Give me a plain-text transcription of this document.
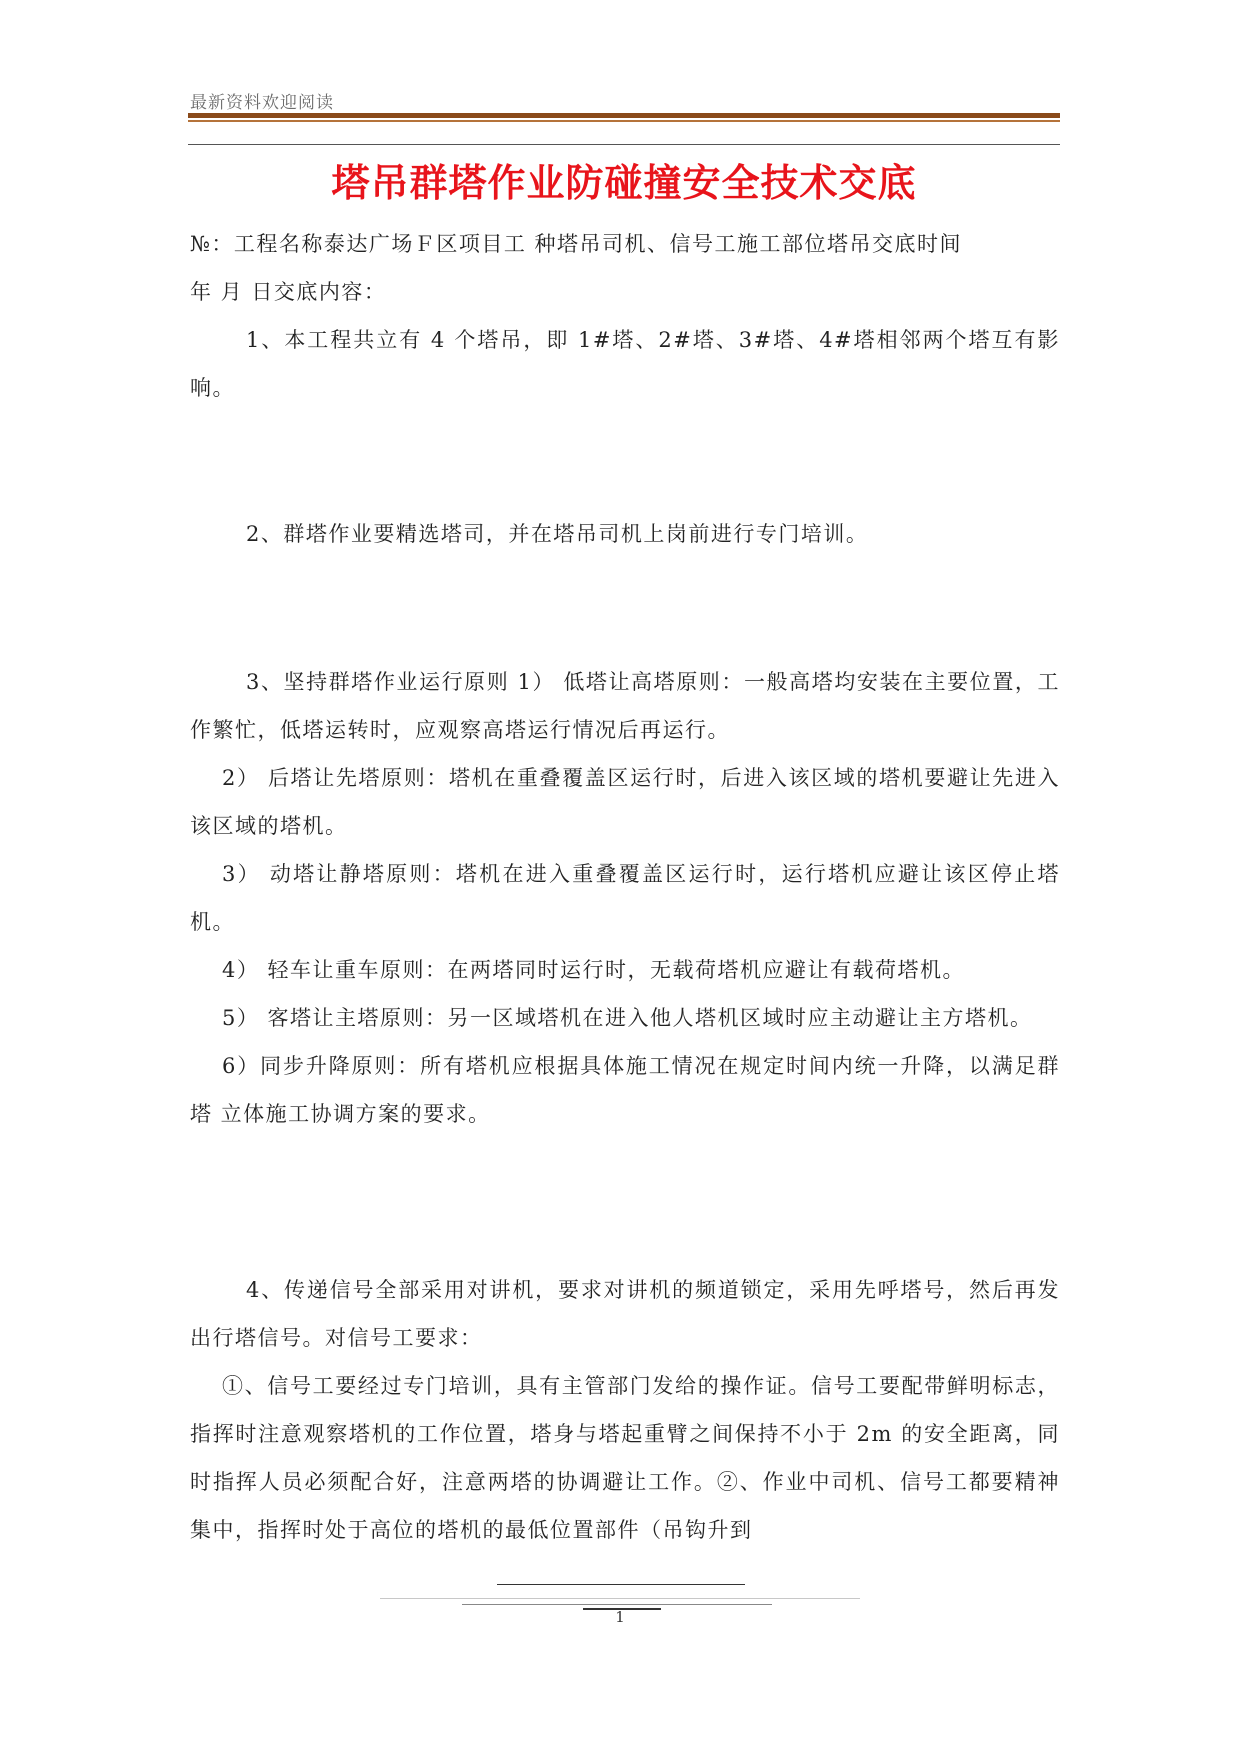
最新资料欢迎阅读
塔吊群塔作业防碰撞安全技术交底

№：工程名称泰达广场Ｆ区项目工 种塔吊司机、信号工施工部位塔吊交底时间

年 月 日交底内容：

1、本工程共立有 4 个塔吊，即 1#塔、2#塔、3#塔、4#塔相邻两个塔互有影响。

2、群塔作业要精选塔司，并在塔吊司机上岗前进行专门培训。

3、坚持群塔作业运行原则 1） 低塔让高塔原则：一般高塔均安装在主要位置，工作繁忙，低塔运转时，应观察高塔运行情况后再运行。

2） 后塔让先塔原则：塔机在重叠覆盖区运行时，后进入该区域的塔机要避让先进入该区域的塔机。

3） 动塔让静塔原则：塔机在进入重叠覆盖区运行时，运行塔机应避让该区停止塔机。

4） 轻车让重车原则：在两塔同时运行时，无载荷塔机应避让有载荷塔机。

5） 客塔让主塔原则：另一区域塔机在进入他人塔机区域时应主动避让主方塔机。

6）同步升降原则：所有塔机应根据具体施工情况在规定时间内统一升降，以满足群塔 立体施工协调方案的要求。

4、传递信号全部采用对讲机，要求对讲机的频道锁定，采用先呼塔号，然后再发出行塔信号。对信号工要求：

①、信号工要经过专门培训，具有主管部门发给的操作证。信号工要配带鲜明标志，指挥时注意观察塔机的工作位置，塔身与塔起重臂之间保持不小于 2m 的安全距离，同时指挥人员必须配合好，注意两塔的协调避让工作。②、作业中司机、信号工都要精神集中，指挥时处于高位的塔机的最低位置部件（吊钩升到

1
